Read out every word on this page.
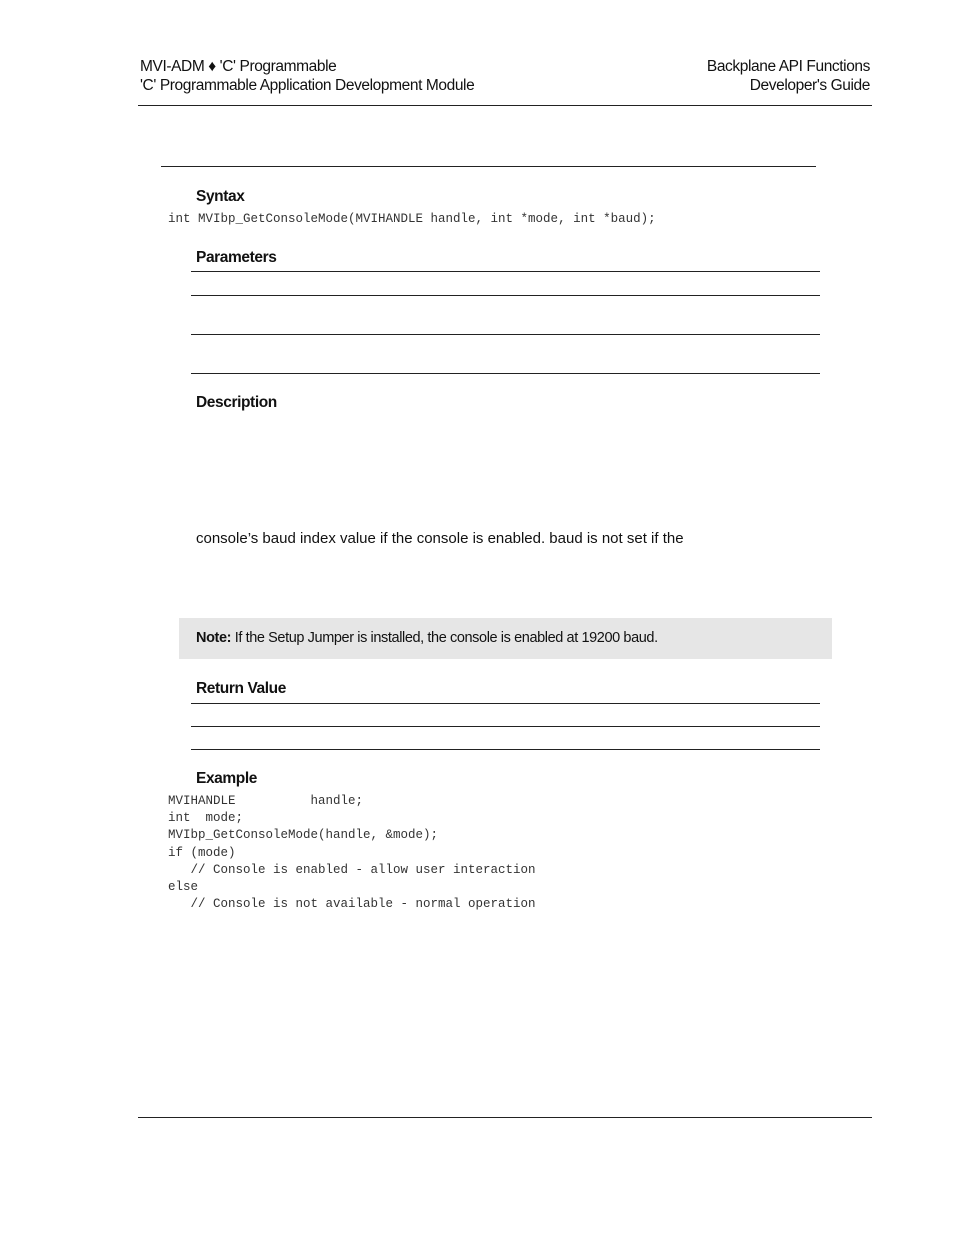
MVI-ADM ♦ 'C' Programmable
'C' Programmable Application Development Module
Backplane API Functions
Developer's Guide
Syntax
int MVIbp_GetConsoleMode(MVIHANDLE handle, int *mode, int *baud);
Parameters
Description
console’s baud index value if the console is enabled. baud is not set if the
Note: If the Setup Jumper is installed, the console is enabled at 19200 baud.
Return Value
Example
MVIHANDLE          handle;
int  mode;
MVIbp_GetConsoleMode(handle, &mode);
if (mode)
// Console is enabled - allow user interaction
else
// Console is not available - normal operation
